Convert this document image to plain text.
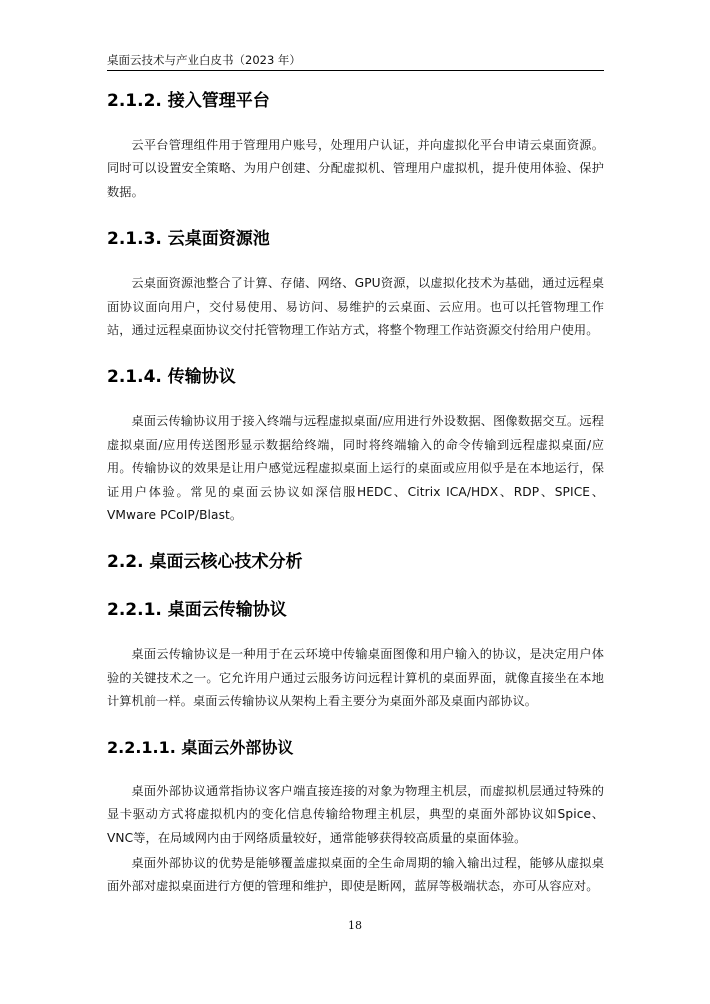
桌面云技术与产业白皮书（2023 年）
2.1.2. 接入管理平台

云平台管理组件用于管理用户账号，处理用户认证，并向虚拟化平台申请云桌面资源。同时可以设置安全策略、为用户创建、分配虚拟机、管理用户虚拟机，提升使用体验、保护数据。

2.1.3. 云桌面资源池

云桌面资源池整合了计算、存储、网络、GPU资源，以虚拟化技术为基础，通过远程桌面协议面向用户，交付易使用、易访问、易维护的云桌面、云应用。也可以托管物理工作站，通过远程桌面协议交付托管物理工作站方式，将整个物理工作站资源交付给用户使用。

2.1.4. 传输协议

桌面云传输协议用于接入终端与远程虚拟桌面/应用进行外设数据、图像数据交互。远程虚拟桌面/应用传送图形显示数据给终端，同时将终端输入的命令传输到远程虚拟桌面/应用。传输协议的效果是让用户感觉远程虚拟桌面上运行的桌面或应用似乎是在本地运行，保证用户体验。常见的桌面云协议如深信服HEDC、Citrix ICA/HDX、RDP、SPICE、VMware PCoIP/Blast。

2.2. 桌面云核心技术分析
2.2.1. 桌面云传输协议

桌面云传输协议是一种用于在云环境中传输桌面图像和用户输入的协议，是决定用户体验的关键技术之一。它允许用户通过云服务访问远程计算机的桌面界面，就像直接坐在本地计算机前一样。桌面云传输协议从架构上看主要分为桌面外部及桌面内部协议。

2.2.1.1. 桌面云外部协议

桌面外部协议通常指协议客户端直接连接的对象为物理主机层，而虚拟机层通过特殊的显卡驱动方式将虚拟机内的变化信息传输给物理主机层，典型的桌面外部协议如Spice、VNC等，在局域网内由于网络质量较好，通常能够获得较高质量的桌面体验。

桌面外部协议的优势是能够覆盖虚拟桌面的全生命周期的输入输出过程，能够从虚拟桌面外部对虚拟桌面进行方便的管理和维护，即使是断网，蓝屏等极端状态，亦可从容应对。

18
